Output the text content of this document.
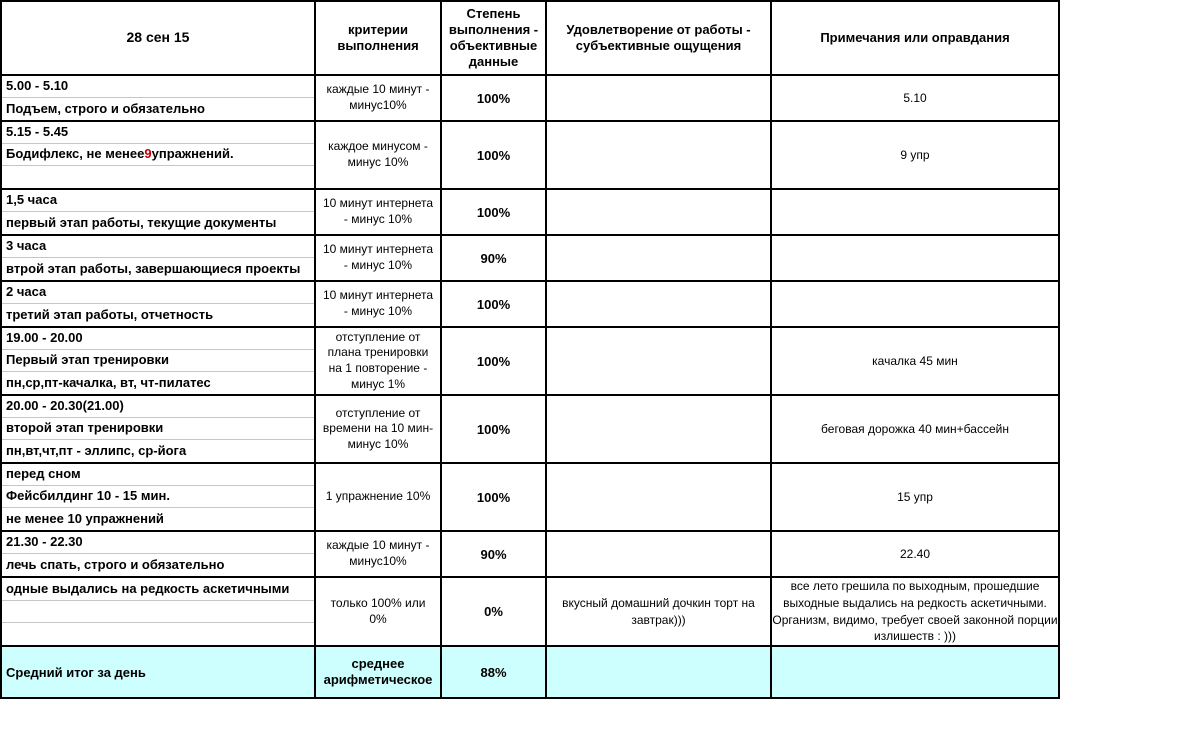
28 сен 15	критерии
выполнения	Степень
выполнения -
объективные
данные	Удовлетворение от работы -
субъективные ощущения	Примечания или оправдания

5.00 - 5.10
Подъем, строго и обязательно
	каждые 10 минут -
минус10%	100%		5.10

5.15 - 5.45
Бодифлекс, не менее 9 упражнений.	каждое минусом -
минус 10%	100%		9 упр

1,5 часа
первый этап работы, текущие документы
	10 минут интернета
- минус 10%	100%		

3 часа
втрой этап работы, завершающиеся проекты
	10 минут интернета
- минус 10%	90%		

2 часа
третий этап работы, отчетность
	10 минут интернета
- минус 10%	100%		

19.00 - 20.00
Первый этап тренировки
пн,ср,пт-качалка, вт, чт-пилатес
	отступление от
плана тренировки
на 1 повторение -
минус 1%	100%		качалка 45 мин

20.00 - 20.30(21.00)
второй этап тренировки
пн,вт,чт,пт - эллипс, ср-йога
	отступление от
времени на 10 мин-
минус 10%	100%		беговая дорожка 40 мин+бассейн

перед сном
Фейсбилдинг 10 - 15 мин.
не менее 10 упражнений	1 упражнение 10%	100%		15 упр

21.30 - 22.30
лечь спать, строго и обязательно
	каждые 10 минут -
минус10%	90%		22.40

одные выдались на редкость аскетичными	только 100% или
0%	0%	вкусный домашний дочкин торт на завтрак)))	все лето грешила по выходным, прошедшие выходные выдались на редкость аскетичными. Организм, видимо, требует своей законной порции излишеств : )))
Средний итог за день	среднее
арифметическое	88%		
